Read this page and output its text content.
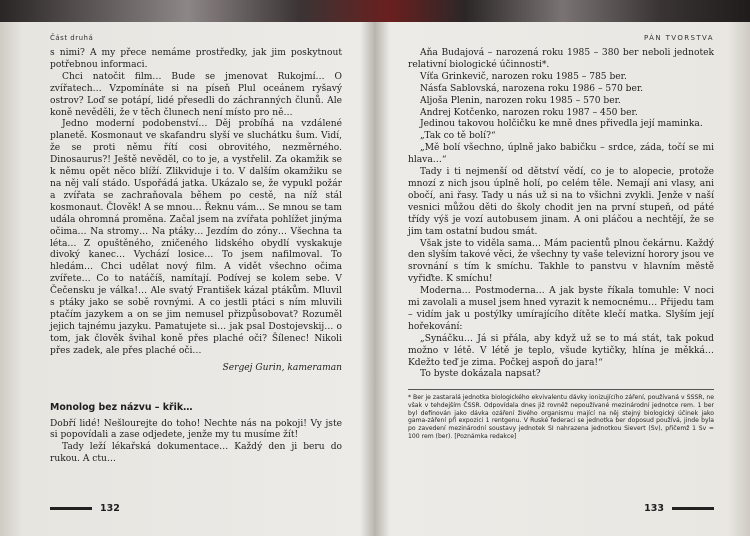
Část druhá

s nimi? A my přece nemáme prostředky, jak jim poskytnout potřebnou informaci.

Chci natočit film… Bude se jmenovat Rukojmí… O zvířatech… Vzpomínáte si na píseň Plul oceánem ryšavý ostrov? Loď se potápí, lidé přesedli do záchranných člunů. Ale koně nevěděli, že v těch člunech není místo pro ně…

Jedno moderní podobenství… Děj probíhá na vzdálené planetě. Kosmonaut ve skafandru slyší ve sluchátku šum. Vidí, že se proti němu řítí cosi obrovitého, nezměrného. Dinosaurus?! Ještě nevěděl, co to je, a vystřelil. Za okamžik se k němu opět něco blíží. Zlikviduje i to. V dalším okamžiku se na něj valí stádo. Uspořádá jatka. Ukázalo se, že vypukl požár a zvířata se zachraňovala během po cestě, na níž stál kosmonaut. Člověk! A se mnou… Řeknu vám… Se mnou se tam udála ohromná proměna. Začal jsem na zvířata pohlížet jinýma očima… Na stromy… Na ptáky… Jezdím do zóny… Všechna ta léta… Z opuštěného, zničeného lidského obydlí vyskakuje divoký kanec… Vychází losice… To jsem nafilmoval. To hledám… Chci udělat nový film. A vidět všechno očima zvířete… Co to natáčíš, namítají. Podívej se kolem sebe. V Čečensku je válka!… Ale svatý František kázal ptákům. Mluvil s ptáky jako se sobě rovnými. A co jestli ptáci s ním mluvili ptačím jazykem a on se jim nemusel přizpůsobovat? Rozuměl jejich tajnému jazyku. Pamatujete si… jak psal Dostojevskij… o tom, jak člověk švihal koně přes plaché oči? Šílenec! Nikoli přes zadek, ale přes plaché oči…

Sergej Gurin, kameraman
Monolog bez názvu – křik…

Dobří lidé! Nešlourejte do toho! Nechte nás na pokoji! Vy jste si popovídali a zase odjedete, jenže my tu musíme žít!

Tady leží lékařská dokumentace… Každý den ji beru do rukou. A ctu…

132
PÁN TVORSTVA

Aňa Budajová – narozená roku 1985 – 380 ber neboli jednotek relativní biologické účinnosti*.

Víťa Grinkevič, narozen roku 1985 – 785 ber.

Násťa Sablovská, narozena roku 1986 – 570 ber.

Aljoša Plenin, narozen roku 1985 – 570 ber.

Andrej Kotčenko, narozen roku 1987 – 450 ber.

Jedinou takovou holčičku ke mně dnes přivedla její maminka.

„Tak co tě bolí?“

„Mě bolí všechno, úplně jako babičku – srdce, záda, točí se mi hlava…“

Tady i ti nejmenší od dětství vědí, co je to alopecie, protože mnozí z nich jsou úplně holí, po celém těle. Nemají ani vlasy, ani obočí, ani řasy. Tady u nás už si na to všichni zvykli. Jenže v naší vesnici můžou děti do školy chodit jen na první stupeň, od páté třídy výš je vozí autobusem jinam. A oni pláčou a nechtějí, že se jim tam ostatní budou smát.

Však jste to viděla sama… Mám pacientů plnou čekárnu. Každý den slyším takové věci, že všechny ty vaše televizní horory jsou ve srovnání s tím k smíchu. Takhle to panstvu v hlavním městě vyřiďte. K smíchu!

Moderna… Postmoderna… A jak byste říkala tomuhle: V noci mi zavolali a musel jsem hned vyrazit k nemocnému… Přijedu tam – vidím jak u postýlky umírajícího dítěte klečí matka. Slyším její hořekování:

„Synáčku… Já si přála, aby když už se to má stát, tak pokud možno v létě. V létě je teplo, všude kytičky, hlína je měkká… Kdežto teď je zima. Počkej aspoň do jara!“

To byste dokázala napsat?

* Ber je zastaralá jednotka biologického ekvivalentu dávky ionizujícího záření, používaná v SSSR, ne však v tehdejším ČSSR. Odpovídala dnes již rovněž nepoužívané mezinárodní jednotce rem. 1 ber byl definován jako dávka ozáření živého organismu mající na něj stejný biologický účinek jako gama-záření při expozici 1 rentgenu. V Ruské federaci se jednotka ber doposud používá, jinde byla po zavedení mezinárodní soustavy jednotek SI nahrazena jednotkou Sievert (Sv), přičemž 1 Sv = 100 rem (ber). [Poznámka redakce]
133
